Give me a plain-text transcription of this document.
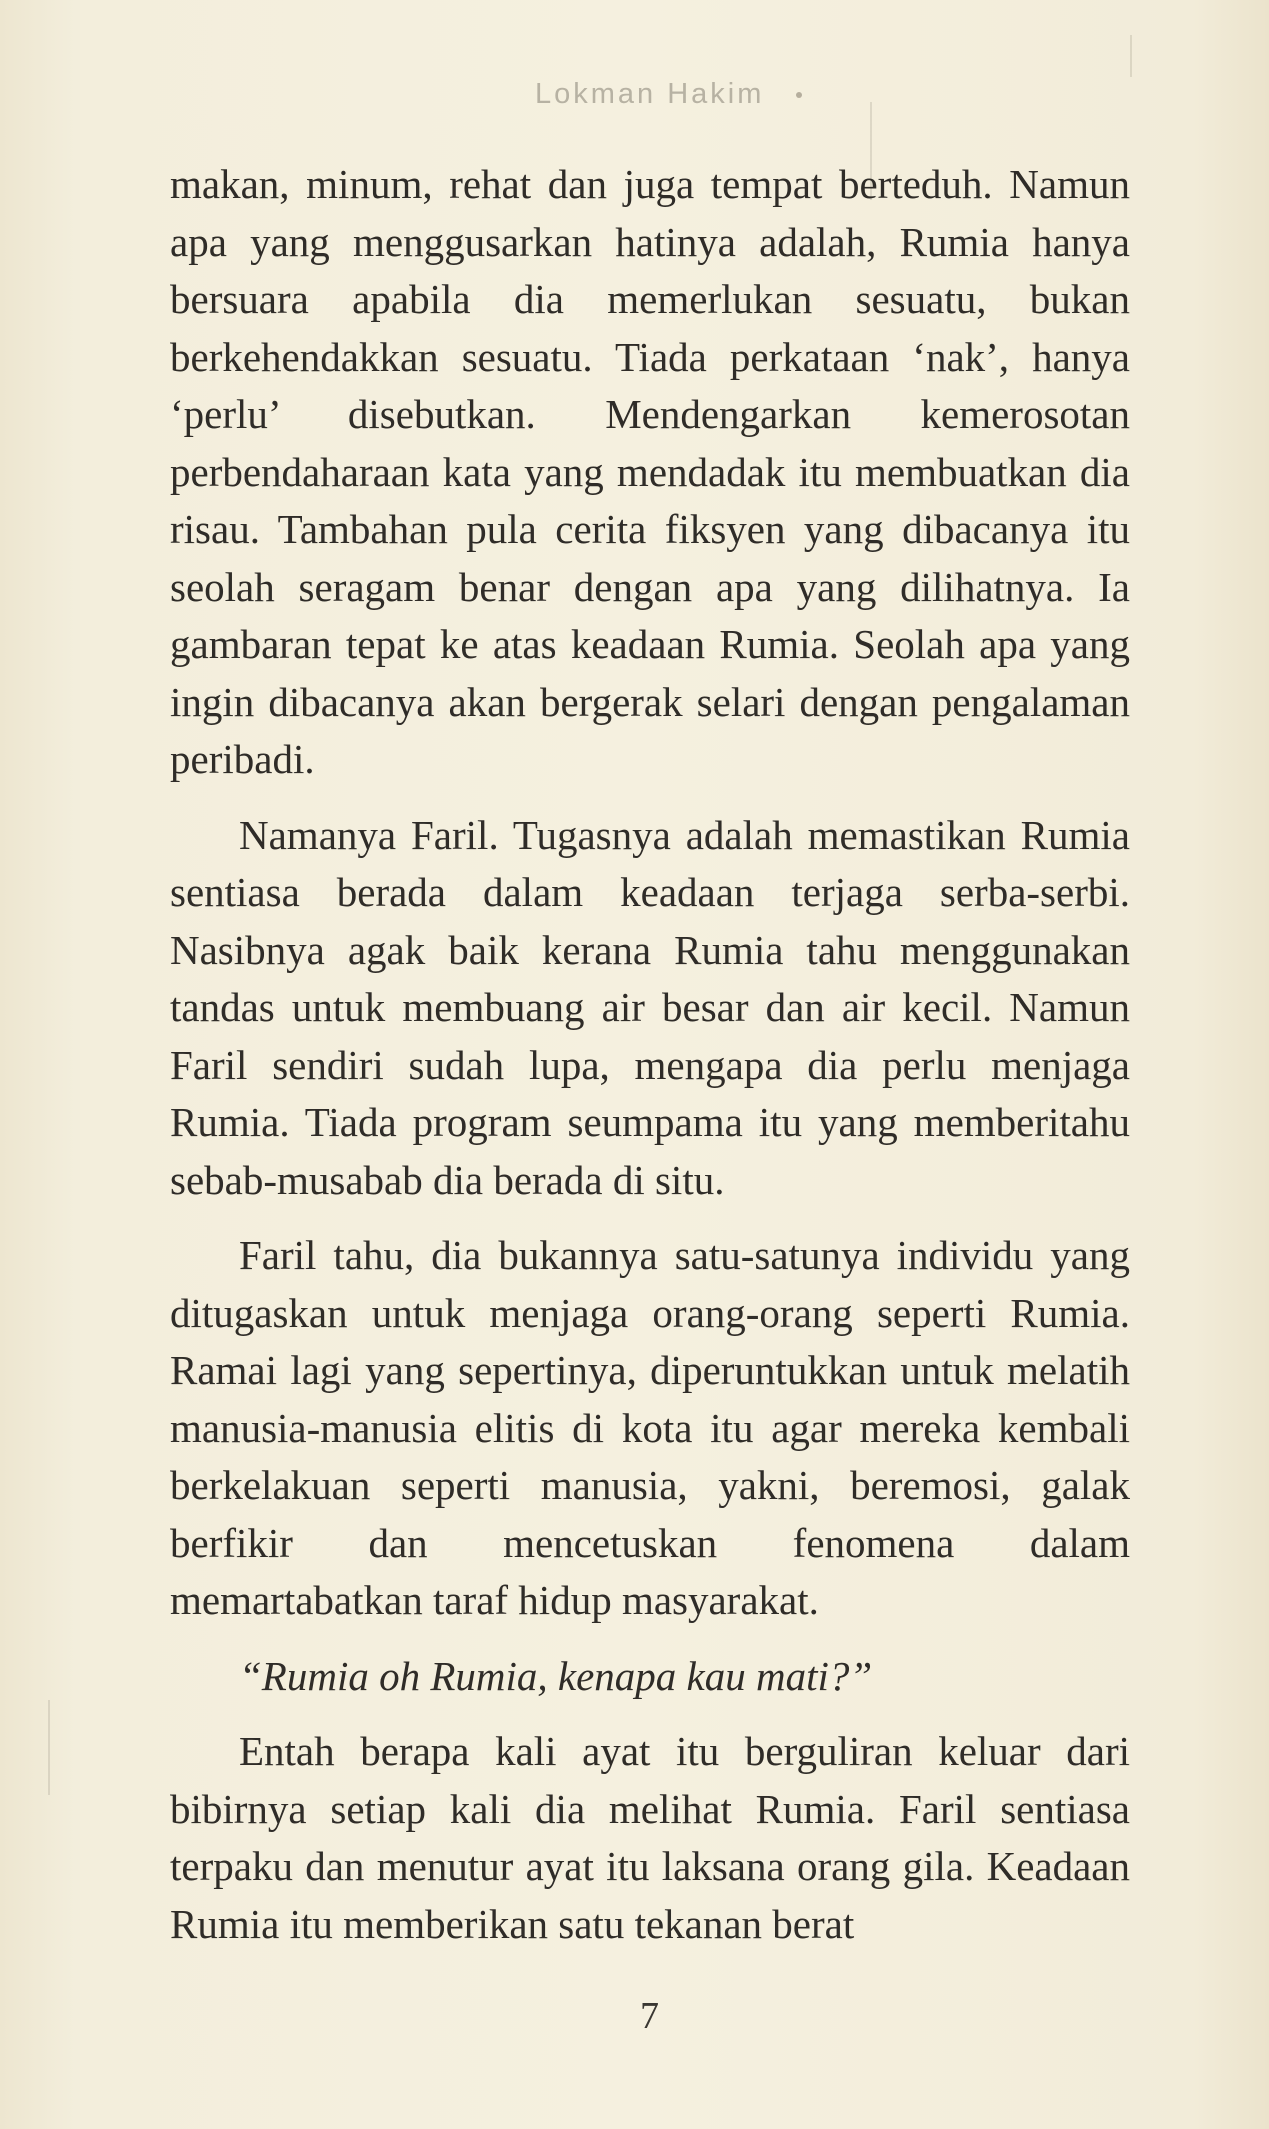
Lokman Hakim

makan, minum, rehat dan juga tempat berteduh. Namun apa yang menggusarkan hatinya adalah, Rumia hanya bersuara apabila dia memerlukan sesuatu, bukan berkehendakkan sesuatu. Tiada perkataan ‘nak’, hanya ‘perlu’ disebutkan. Mendengarkan kemerosotan perbendaharaan kata yang mendadak itu membuatkan dia risau. Tambahan pula cerita fiksyen yang dibacanya itu seolah seragam benar dengan apa yang dilihatnya. Ia gambaran tepat ke atas keadaan Rumia. Seolah apa yang ingin dibacanya akan bergerak selari dengan pengalaman peribadi.

Namanya Faril. Tugasnya adalah memastikan Rumia sentiasa berada dalam keadaan terjaga serba-serbi. Nasibnya agak baik kerana Rumia tahu menggunakan tandas untuk membuang air besar dan air kecil. Namun Faril sendiri sudah lupa, mengapa dia perlu menjaga Rumia. Tiada program seumpama itu yang memberitahu sebab-musabab dia berada di situ.

Faril tahu, dia bukannya satu-satunya individu yang ditugaskan untuk menjaga orang-orang seperti Rumia. Ramai lagi yang sepertinya, diperuntukkan untuk melatih manusia-manusia elitis di kota itu agar mereka kembali berkelakuan seperti manusia, yakni, beremosi, galak berfikir dan mencetuskan fenomena dalam memartabatkan taraf hidup masyarakat.

“Rumia oh Rumia, kenapa kau mati?”

Entah berapa kali ayat itu berguliran keluar dari bibirnya setiap kali dia melihat Rumia. Faril sentiasa terpaku dan menutur ayat itu laksana orang gila. Keadaan Rumia itu memberikan satu tekanan berat

7
